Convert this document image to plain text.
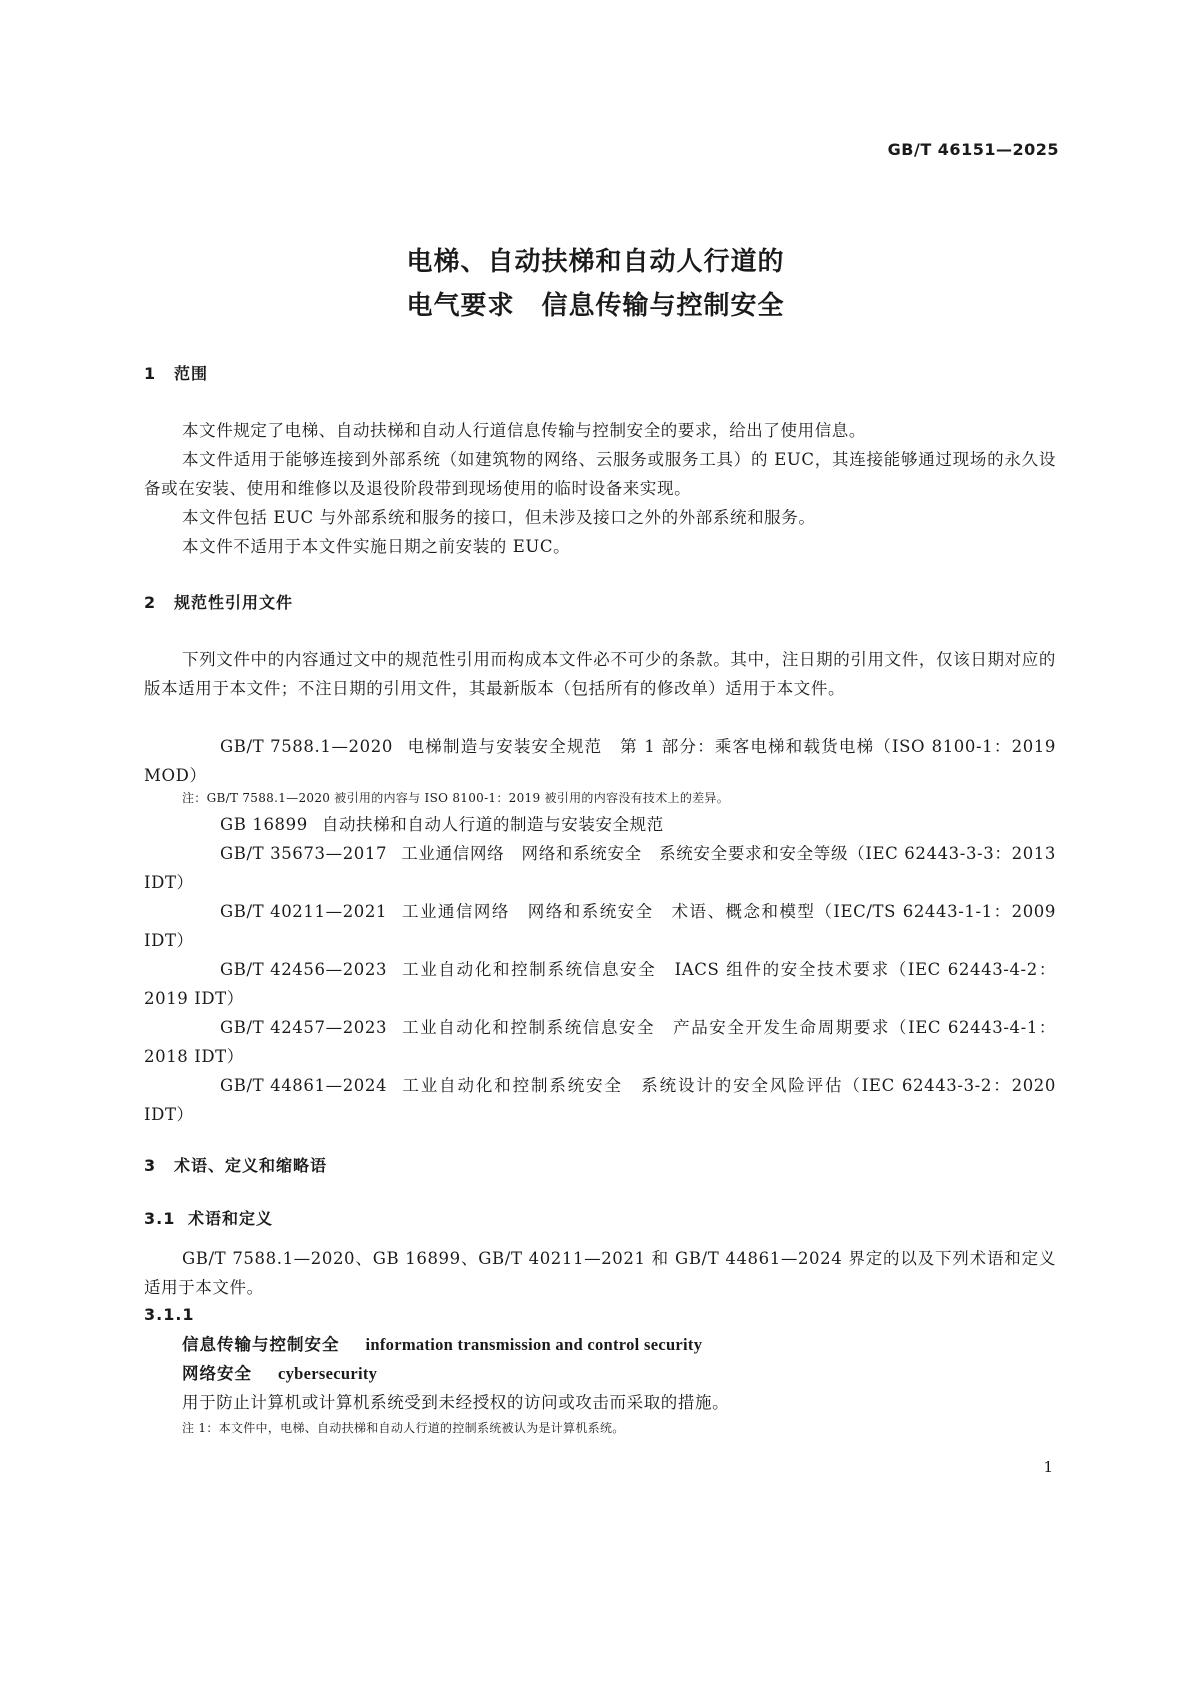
GB/T 46151—2025
电梯、自动扶梯和自动人行道的
电气要求　信息传输与控制安全
1 范围
本文件规定了电梯、自动扶梯和自动人行道信息传输与控制安全的要求，给出了使用信息。
本文件适用于能够连接到外部系统（如建筑物的网络、云服务或服务工具）的 EUC，其连接能够通过现场的永久设备或在安装、使用和维修以及退役阶段带到现场使用的临时设备来实现。
本文件包括 EUC 与外部系统和服务的接口，但未涉及接口之外的外部系统和服务。
本文件不适用于本文件实施日期之前安装的 EUC。
2 规范性引用文件
下列文件中的内容通过文中的规范性引用而构成本文件必不可少的条款。其中，注日期的引用文件，仅该日期对应的版本适用于本文件；不注日期的引用文件，其最新版本（包括所有的修改单）适用于本文件。
GB/T 7588.1—2020 电梯制造与安装安全规范　第 1 部分：乘客电梯和载货电梯（ISO 8100-1：2019 MOD）
注：GB/T 7588.1—2020 被引用的内容与 ISO 8100-1：2019 被引用的内容没有技术上的差异。
GB 16899 自动扶梯和自动人行道的制造与安装安全规范
GB/T 35673—2017 工业通信网络　网络和系统安全　系统安全要求和安全等级（IEC 62443-3-3：2013 IDT）
GB/T 40211—2021 工业通信网络　网络和系统安全　术语、概念和模型（IEC/TS 62443-1-1：2009 IDT）
GB/T 42456—2023 工业自动化和控制系统信息安全　IACS 组件的安全技术要求（IEC 62443-4-2：2019 IDT）
GB/T 42457—2023 工业自动化和控制系统信息安全　产品安全开发生命周期要求（IEC 62443-4-1：2018 IDT）
GB/T 44861—2024 工业自动化和控制系统安全　系统设计的安全风险评估（IEC 62443-3-2：2020 IDT）
3 术语、定义和缩略语
3.1 术语和定义
GB/T 7588.1—2020、GB 16899、GB/T 40211—2021 和 GB/T 44861—2024 界定的以及下列术语和定义适用于本文件。
3.1.1
信息传输与控制安全 information transmission and control security
网络安全 cybersecurity
用于防止计算机或计算机系统受到未经授权的访问或攻击而采取的措施。
注 1：本文件中，电梯、自动扶梯和自动人行道的控制系统被认为是计算机系统。
1
